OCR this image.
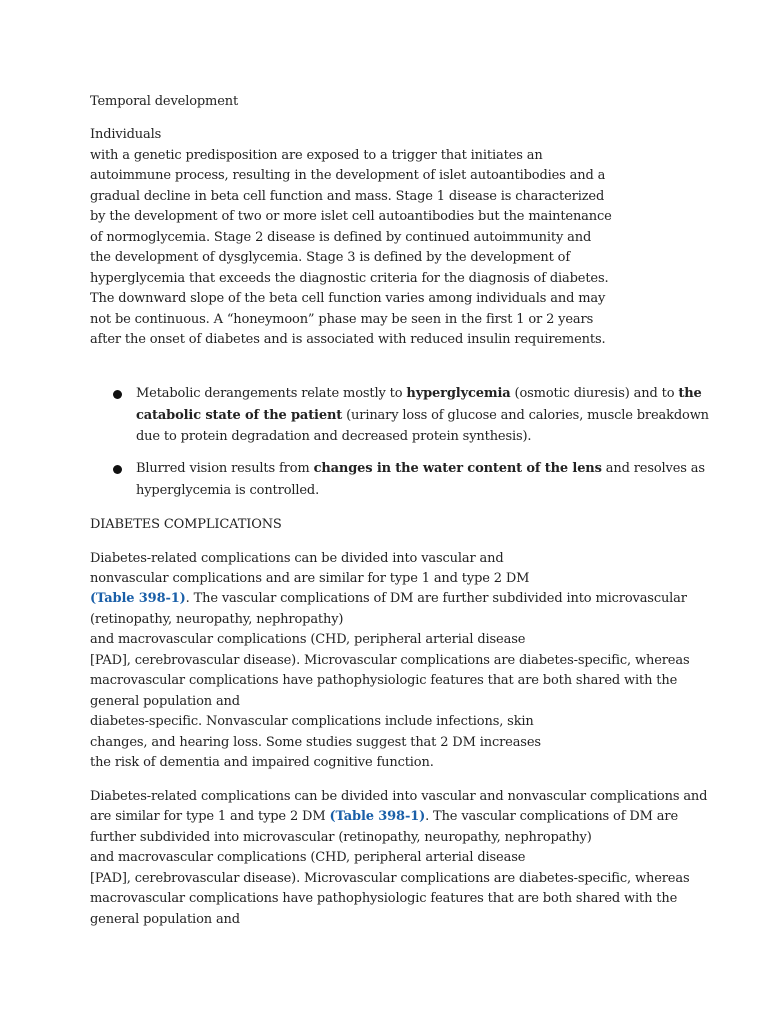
Temporal development
Individuals
with a genetic predisposition are exposed to a trigger that initiates an
autoimmune process, resulting in the development of islet autoantibodies and a
gradual decline in beta cell function and mass. Stage 1 disease is characterized
by the development of two or more islet cell autoantibodies but the maintenance
of normoglycemia. Stage 2 disease is defined by continued autoimmunity and
the development of dysglycemia. Stage 3 is defined by the development of
hyperglycemia that exceeds the diagnostic criteria for the diagnosis of diabetes.
The downward slope of the beta cell function varies among individuals and may
not be continuous. A “honeymoon” phase may be seen in the first 1 or 2 years
after the onset of diabetes and is associated with reduced insulin requirements.
Metabolic derangements relate mostly to hyperglycemia (osmotic diuresis) and to the
catabolic state of the patient (urinary loss of glucose and calories, muscle breakdown
due to protein degradation and decreased protein synthesis).
Blurred vision results from changes in the water content of the lens and resolves as
hyperglycemia is controlled.
DIABETES COMPLICATIONS
Diabetes-related complications can be divided into vascular and
nonvascular complications and are similar for type 1 and type 2 DM
(Table 398-1). The vascular complications of DM are further subdivided into microvascular
(retinopathy, neuropathy, nephropathy)
and macrovascular complications (CHD, peripheral arterial disease
[PAD], cerebrovascular disease). Microvascular complications are diabetes-specific, whereas
macrovascular complications have pathophysiologic features that are both shared with the
general population and
diabetes-specific. Nonvascular complications include infections, skin
changes, and hearing loss. Some studies suggest that 2 DM increases
the risk of dementia and impaired cognitive function.
Diabetes-related complications can be divided into vascular and nonvascular complications and
are similar for type 1 and type 2 DM (Table 398-1). The vascular complications of DM are
further subdivided into microvascular (retinopathy, neuropathy, nephropathy)
and macrovascular complications (CHD, peripheral arterial disease
[PAD], cerebrovascular disease). Microvascular complications are diabetes-specific, whereas
macrovascular complications have pathophysiologic features that are both shared with the
general population and
